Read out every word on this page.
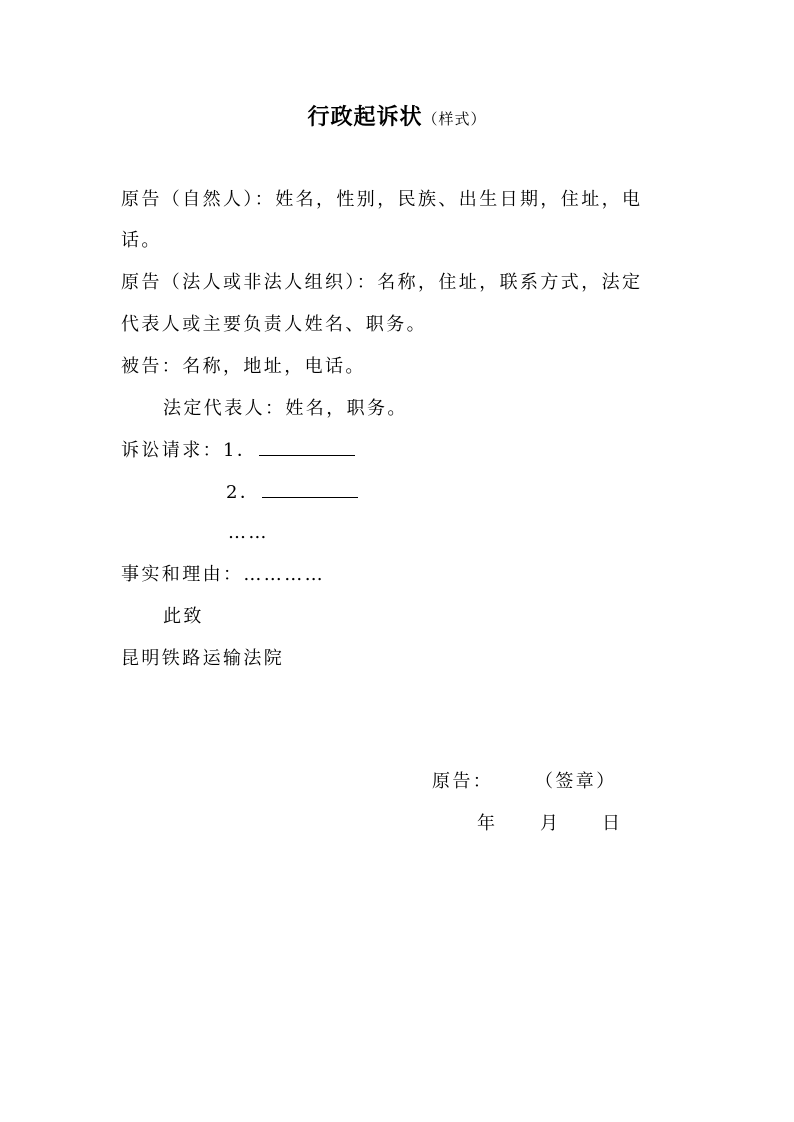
行政起诉状（样式）
原告（自然人）：姓名，性别，民族、出生日期，住址，电
话。
原告（法人或非法人组织）：名称，住址，联系方式，法定
代表人或主要负责人姓名、职务。
被告：名称，地址，电话。
法定代表人：姓名，职务。
诉讼请求：1．
2．
……
事实和理由：…………
此致
昆明铁路运输法院
原告： （签章）
年 月 日
